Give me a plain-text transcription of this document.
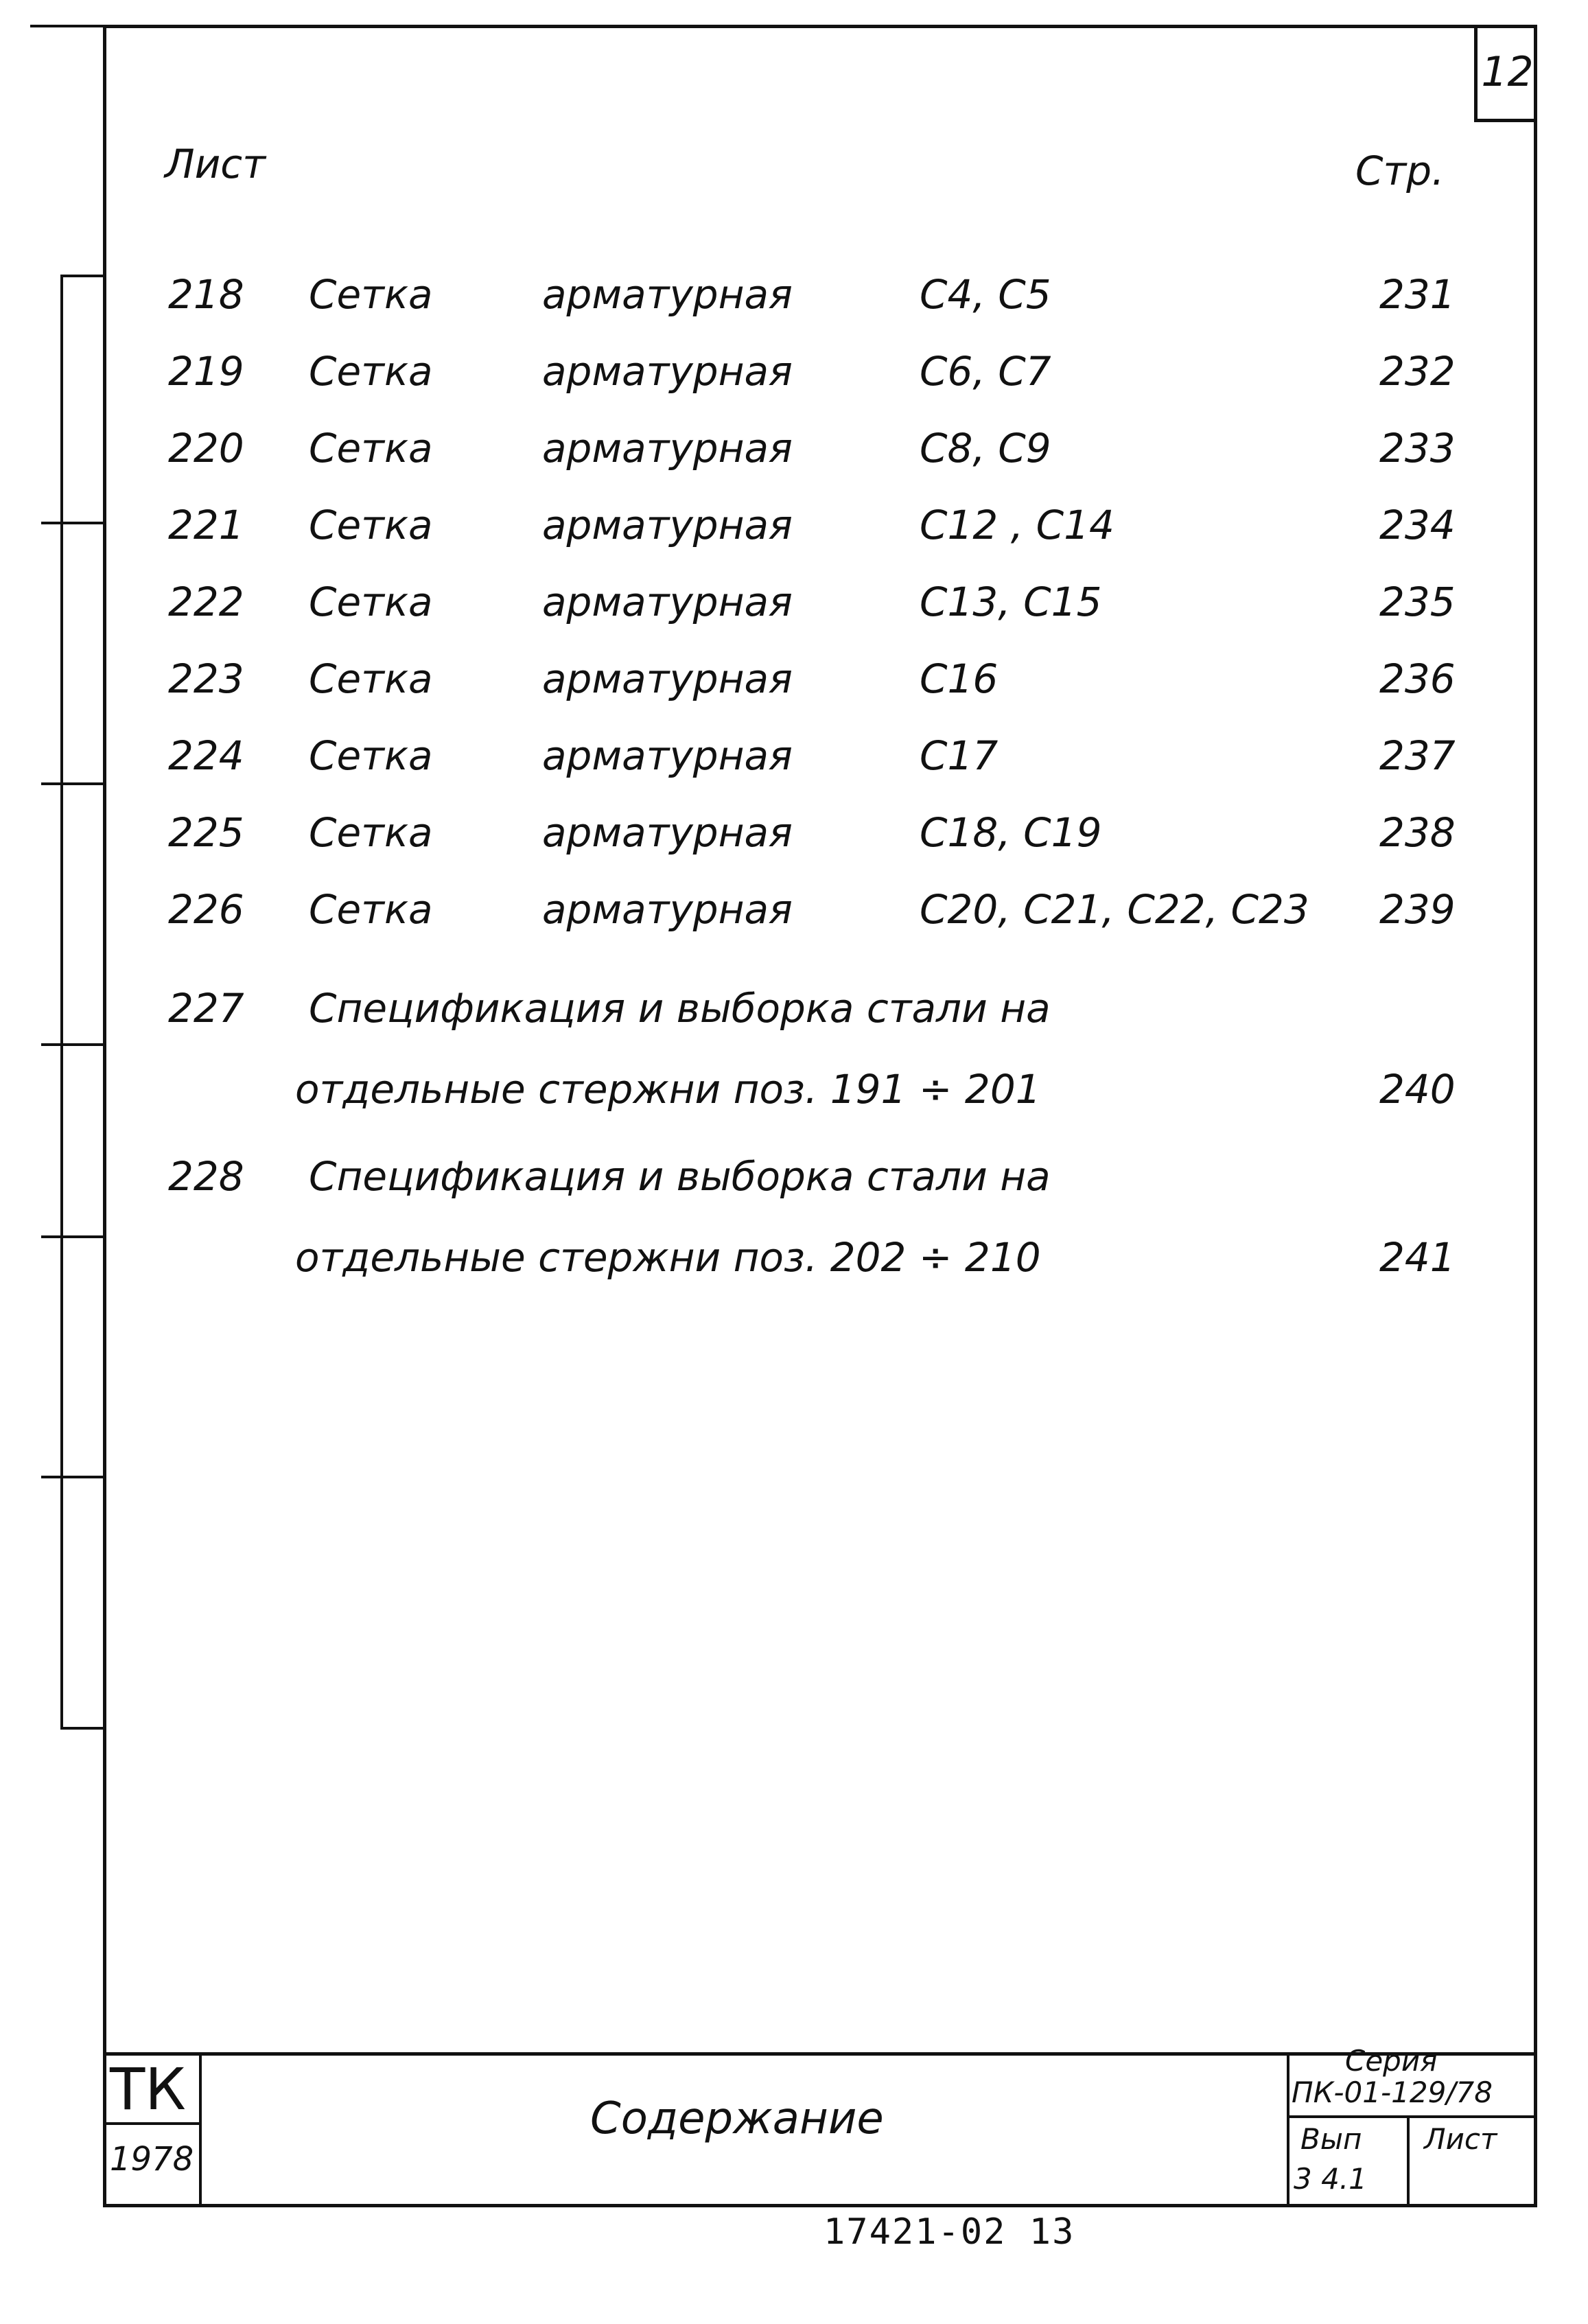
12
Лист	Стр.
218 Сетка	арматурная	С4, С5	231
219 Сетка	арматурная	С6, С7	232
220 Сетка	арматурная	С8, С9	233
221 Сетка	арматурная	С12 , С14	234
222 Сетка	арматурная	С13, С15	235
223 Сетка	арматурная	С16	236
224 Сетка	арматурная	С17	237
225 Сетка	арматурная	С18, С19	238
226 Сетка	арматурная	С20, С21, С22, С23 239
227 Спецификация и выборка стали на
отдельные стержни поз. 191 ÷ 201	240
228 Спецификация и выборка стали на
отдельные стержни поз. 202 ÷ 210	241
ТК
1978
Содержание
Серия
ПК-01-129/78
Вып
3 4.1
Лист
17421-02 13
